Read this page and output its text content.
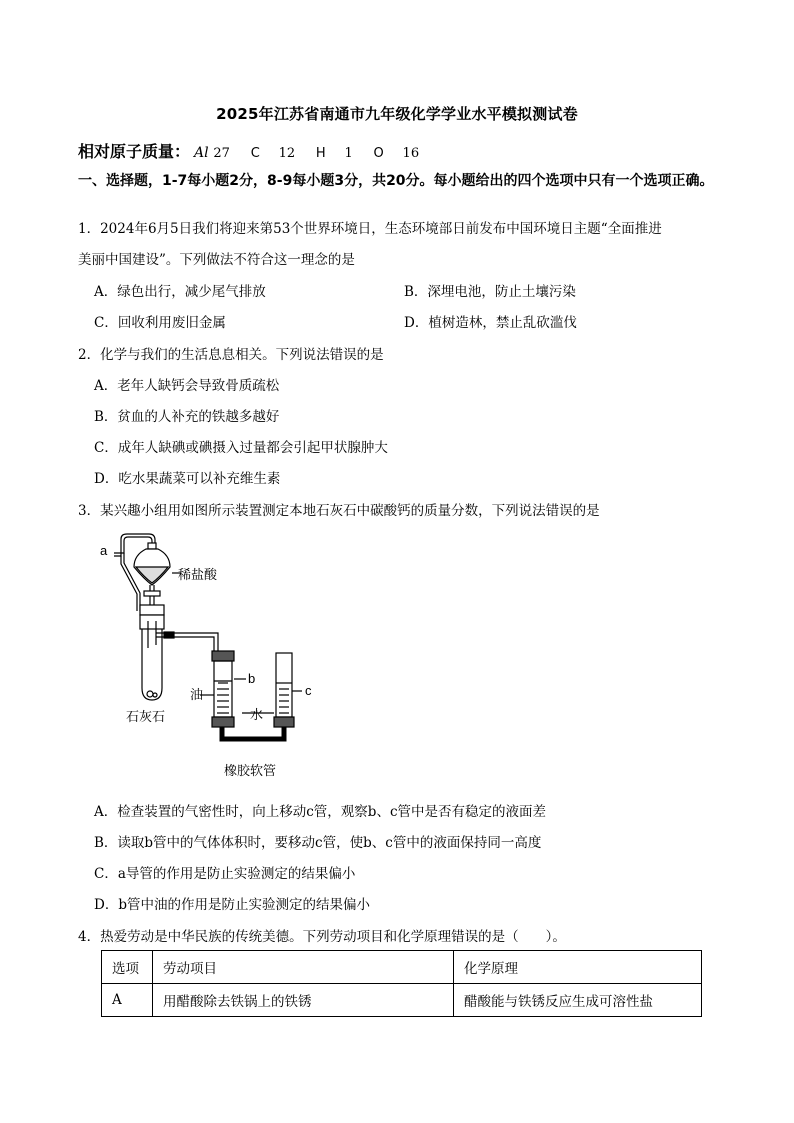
2025年江苏省南通市九年级化学学业水平模拟测试卷
相对原子质量： Al 27 C 12 H 1 O 16
一、选择题，1-7每小题2分，8-9每小题3分，共20分。每小题给出的四个选项中只有一个选项正确。
1．2024年6月5日我们将迎来第53个世界环境日，生态环境部日前发布中国环境日主题“全面推进
美丽中国建设”。下列做法不符合这一理念的是
A．绿色出行，减少尾气排放	B．深埋电池，防止土壤污染
C．回收利用废旧金属	D．植树造林，禁止乱砍滥伐
2．化学与我们的生活息息相关。下列说法错误的是
A．老年人缺钙会导致骨质疏松
B．贫血的人补充的铁越多越好
C．成年人缺碘或碘摄入过量都会引起甲状腺肿大
D．吃水果蔬菜可以补充维生素
3．某兴趣小组用如图所示装置测定本地石灰石中碳酸钙的质量分数，下列说法错误的是
a
稀盐酸
b
油
水
c
石灰石
橡胶软管
A．检查装置的气密性时，向上移动c管，观察b、c管中是否有稳定的液面差
B．读取b管中的气体体积时，要移动c管，使b、c管中的液面保持同一高度
C．a导管的作用是防止实验测定的结果偏小
D．b管中油的作用是防止实验测定的结果偏小
4．热爱劳动是中华民族的传统美德。下列劳动项目和化学原理错误的是（　　）。
选项	劳动项目	化学原理
A	用醋酸除去铁锅上的铁锈	醋酸能与铁锈反应生成可溶性盐
